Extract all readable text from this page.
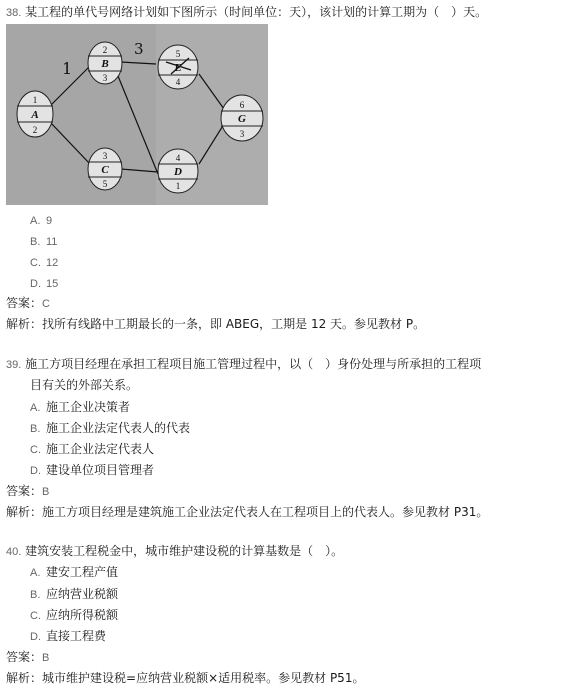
38. 某工程的单代号网络计划如下图所示（时间单位：天），该计划的计算工期为（　）天。
1
A
2
2
B
3
3
C
5
5
E
4
4
D
1
6
G
3
1
3
A. 9
B. 11
C. 12
D. 15
答案：C
解析：找所有线路中工期最长的一条，即 ABEG，工期是 12 天。参见教材 P。
39. 施工方项目经理在承担工程项目施工管理过程中，以（　）身份处理与所承担的工程项
目有关的外部关系。
A. 施工企业决策者
B. 施工企业法定代表人的代表
C. 施工企业法定代表人
D. 建设单位项目管理者
答案：B
解析：施工方项目经理是建筑施工企业法定代表人在工程项目上的代表人。参见教材 P31。
40. 建筑安装工程税金中，城市维护建设税的计算基数是（　）。
A. 建安工程产值
B. 应纳营业税额
C. 应纳所得税额
D. 直接工程费
答案：B
解析：城市维护建设税=应纳营业税额×适用税率。参见教材 P51。
